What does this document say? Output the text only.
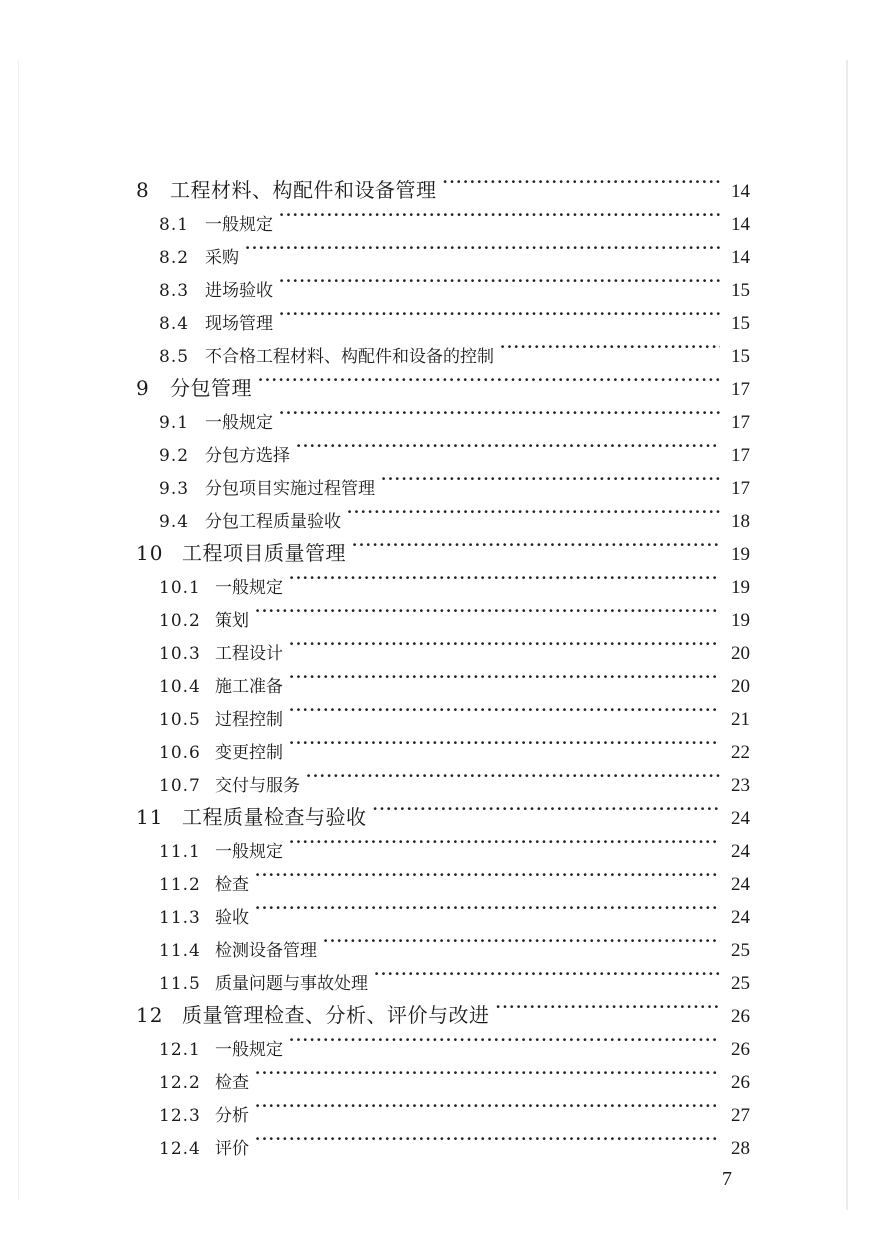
8	工程材料、构配件和设备管理 ·····	14
8.1 一般规定 ·····	14
8.2 采购 ·····	14
8.3 进场验收 ·····	15
8.4 现场管理 ·····	15
8.5 不合格工程材料、构配件和设备的控制 ·····	15
9	分包管理 ·····	17
9.1 一般规定 ·····	17
9.2 分包方选择 ·····	17
9.3 分包项目实施过程管理 ·····	17
9.4 分包工程质量验收 ·····	18
10 工程项目质量管理 ·····	19
10.1 一般规定 ·····	19
10.2 策划 ·····	19
10.3 工程设计 ·····	20
10.4 施工准备 ·····	20
10.5 过程控制 ·····	21
10.6 变更控制 ·····	22
10.7 交付与服务 ·····	23
11 工程质量检查与验收 ·····	24
11.1 一般规定 ·····	24
11.2 检查 ·····	24
11.3 验收 ·····	24
11.4 检测设备管理 ·····	25
11.5 质量问题与事故处理 ·····	25
12 质量管理检查、分析、评价与改进 ·····	26
12.1 一般规定 ·····	26
12.2 检查 ·····	26
12.3 分析 ·····	27
12.4 评价 ·····	28
7
